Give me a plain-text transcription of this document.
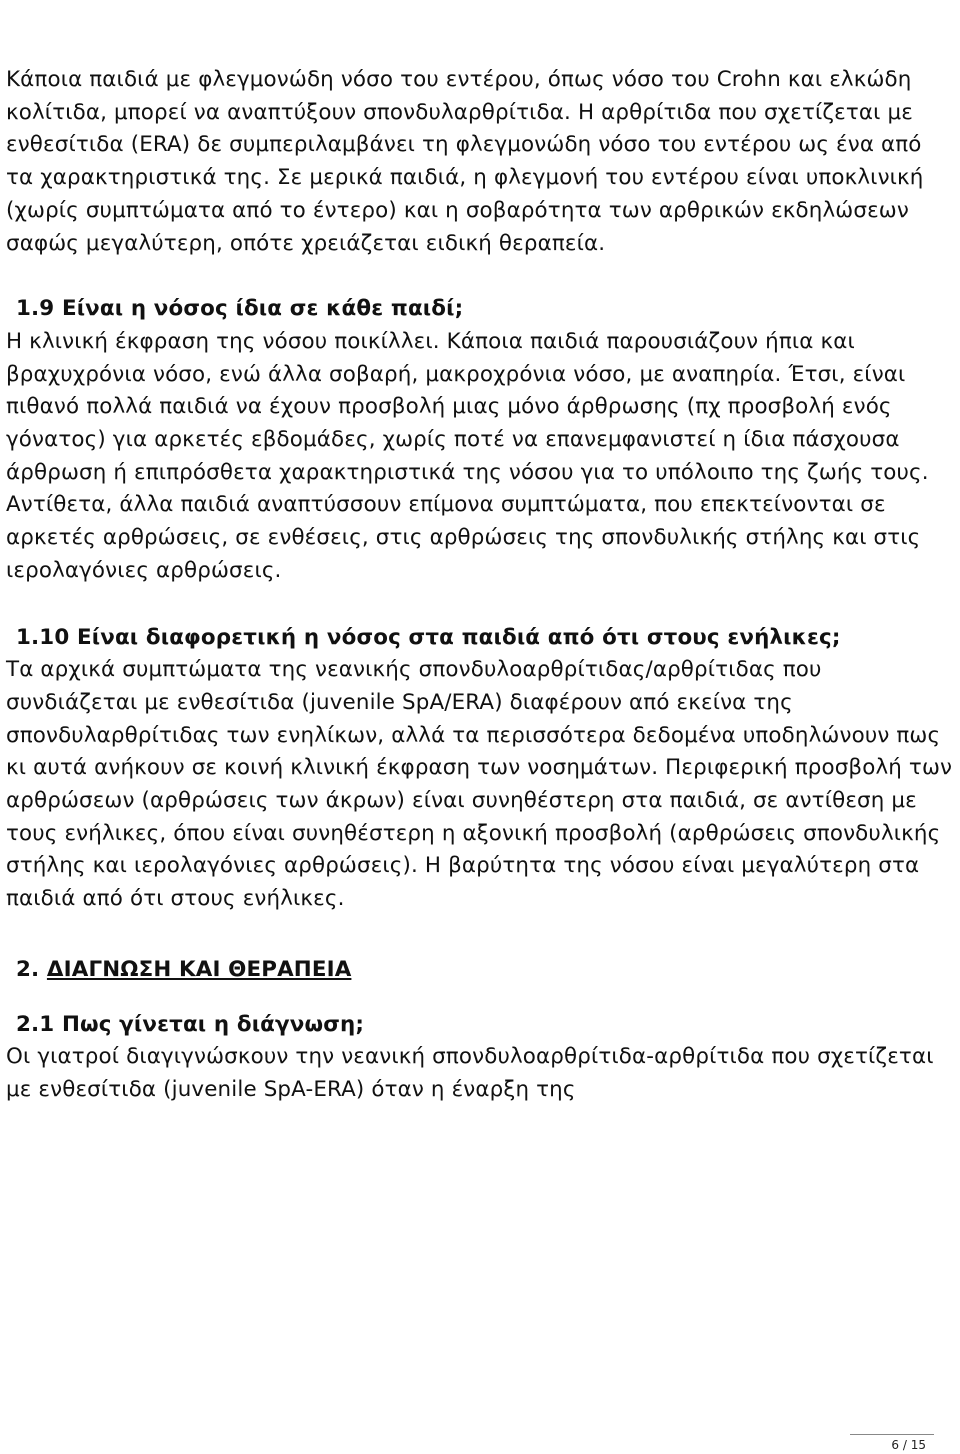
Κάποια παιδιά με φλεγμονώδη νόσο του εντέρου, όπως νόσο του Crohn και ελκώδη κολίτιδα, μπορεί να αναπτύξουν σπονδυλαρθρίτιδα. Η αρθρίτιδα που σχετίζεται με ενθεσίτιδα (ERA) δε συμπεριλαμβάνει τη φλεγμονώδη νόσο του εντέρου ως ένα από τα χαρακτηριστικά της. Σε μερικά παιδιά, η φλεγμονή του εντέρου είναι υποκλινική (χωρίς συμπτώματα από το έντερο) και η σοβαρότητα των αρθρικών εκδηλώσεων σαφώς μεγαλύτερη, οπότε χρειάζεται ειδική θεραπεία.

1.9 Είναι η νόσος ίδια σε κάθε παιδί;

Η κλινική έκφραση της νόσου ποικίλλει. Κάποια παιδιά παρουσιάζουν ήπια και βραχυχρόνια νόσο, ενώ άλλα σοβαρή, μακροχρόνια νόσο, με αναπηρία. Έτσι, είναι πιθανό πολλά παιδιά να έχουν προσβολή μιας μόνο άρθρωσης (πχ προσβολή ενός γόνατος) για αρκετές εβδομάδες, χωρίς ποτέ να επανεμφανιστεί η ίδια πάσχουσα άρθρωση ή επιπρόσθετα χαρακτηριστικά της νόσου για το υπόλοιπο της ζωής τους. Αντίθετα, άλλα παιδιά αναπτύσσουν επίμονα συμπτώματα, που επεκτείνονται σε αρκετές αρθρώσεις, σε ενθέσεις, στις αρθρώσεις της σπονδυλικής στήλης και στις ιερολαγόνιες αρθρώσεις.

1.10 Είναι διαφορετική η νόσος στα παιδιά από ότι στους ενήλικες;

Τα αρχικά συμπτώματα της νεανικής σπονδυλοαρθρίτιδας/αρθρίτιδας που συνδιάζεται με ενθεσίτιδα (juvenile SpA/ERA) διαφέρουν από εκείνα της σπονδυλαρθρίτιδας των ενηλίκων, αλλά τα περισσότερα δεδομένα υποδηλώνουν πως κι αυτά ανήκουν σε κοινή κλινική έκφραση των νοσημάτων. Περιφερική προσβολή των αρθρώσεων (αρθρώσεις των άκρων) είναι συνηθέστερη στα παιδιά, σε αντίθεση με τους ενήλικες, όπου είναι συνηθέστερη η αξονική προσβολή (αρθρώσεις σπονδυλικής στήλης και ιερολαγόνιες αρθρώσεις). Η βαρύτητα της νόσου είναι μεγαλύτερη στα παιδιά από ότι στους ενήλικες.

2. ΔΙΑΓΝΩΣΗ ΚΑΙ ΘΕΡΑΠΕΙΑ
2.1 Πως γίνεται η διάγνωση;

Οι γιατροί διαγιγνώσκουν την νεανική σπονδυλοαρθρίτιδα-αρθρίτιδα που σχετίζεται με ενθεσίτιδα (juvenile SpA-ERA) όταν η έναρξη της

6 / 15
